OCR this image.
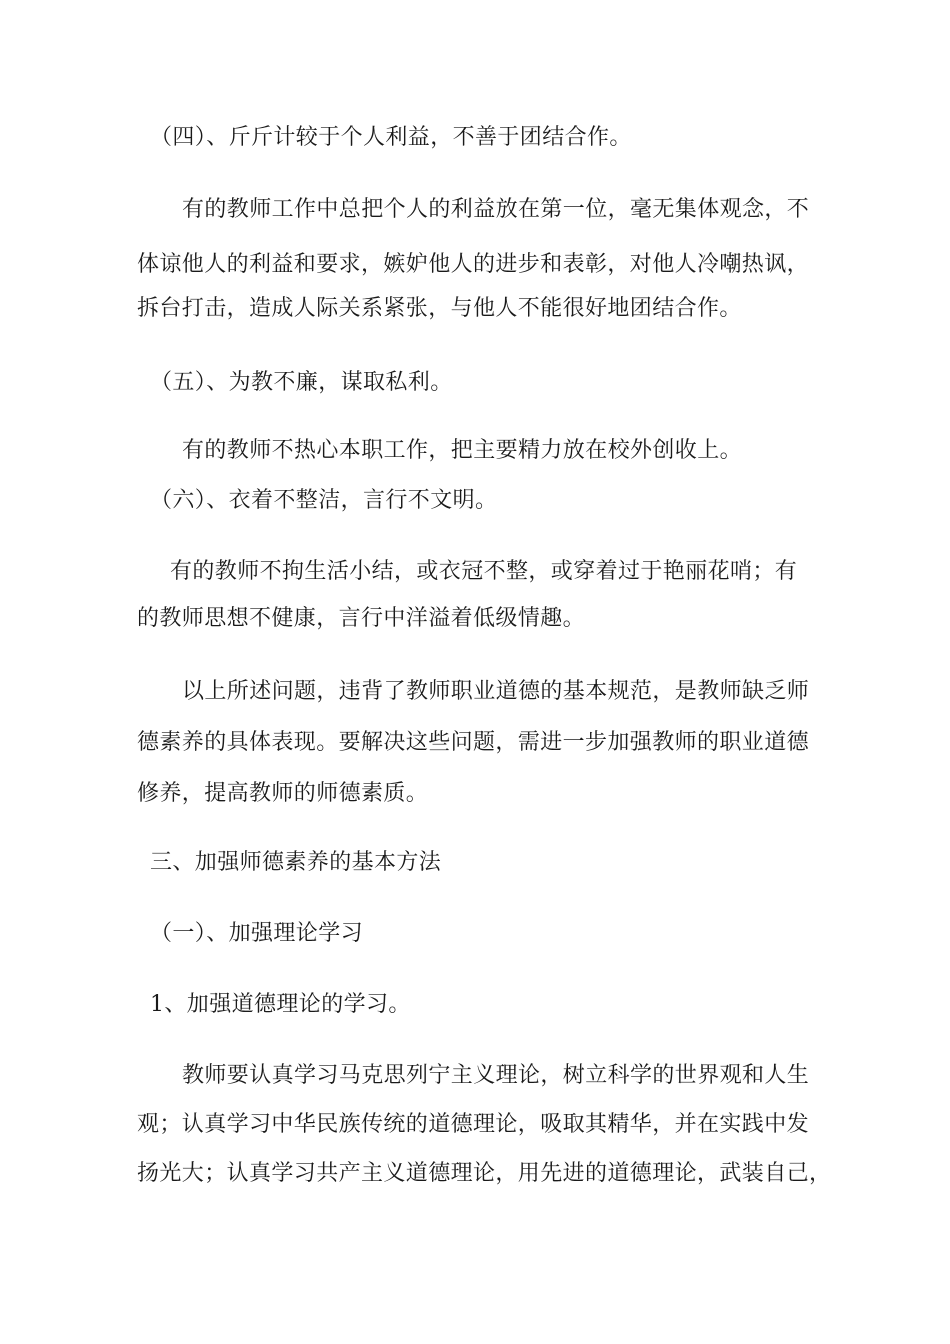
（四）、斤斤计较于个人利益，不善于团结合作。
有的教师工作中总把个人的利益放在第一位，毫无集体观念，不
体谅他人的利益和要求，嫉妒他人的进步和表彰，对他人冷嘲热讽，
拆台打击，造成人际关系紧张，与他人不能很好地团结合作。
（五）、为教不廉，谋取私利。
有的教师不热心本职工作，把主要精力放在校外创收上。
（六）、衣着不整洁，言行不文明。
有的教师不拘生活小结，或衣冠不整，或穿着过于艳丽花哨；有
的教师思想不健康，言行中洋溢着低级情趣。
以上所述问题，违背了教师职业道德的基本规范，是教师缺乏师
德素养的具体表现。要解决这些问题，需进一步加强教师的职业道德
修养，提高教师的师德素质。
三、加强师德素养的基本方法
（一）、加强理论学习
1、加强道德理论的学习。
教师要认真学习马克思列宁主义理论，树立科学的世界观和人生
观；认真学习中华民族传统的道德理论，吸取其精华，并在实践中发
扬光大；认真学习共产主义道德理论，用先进的道德理论，武装自己，
